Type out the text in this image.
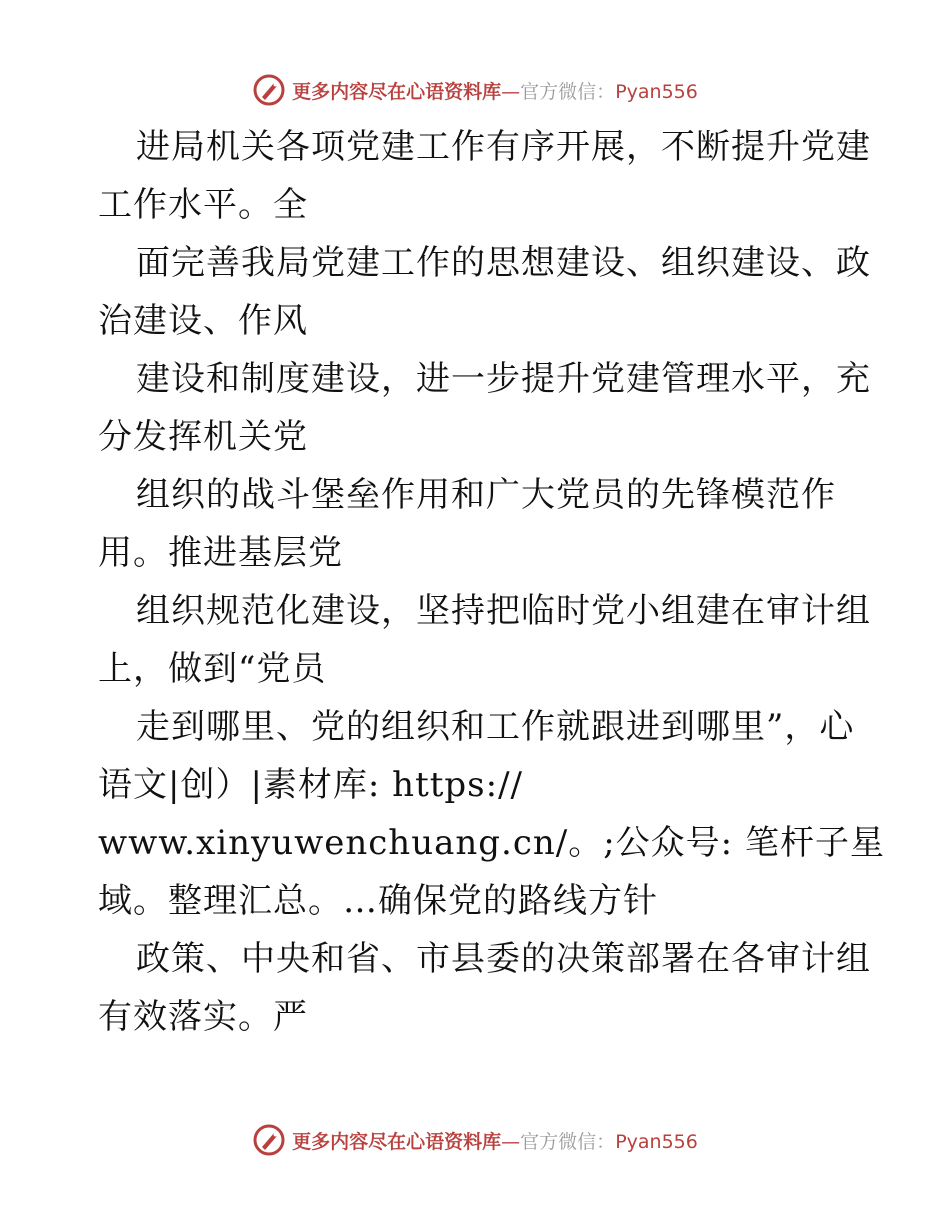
更多内容尽在心语资料库—官方微信：Pyan556
进局机关各项党建工作有序开展，不断提升党建
工作水平。全
面完善我局党建工作的思想建设、组织建设、政
治建设、作风
建设和制度建设，进一步提升党建管理水平，充
分发挥机关党
组织的战斗堡垒作用和广大党员的先锋模范作
用。推进基层党
组织规范化建设，坚持把临时党小组建在审计组
上，做到“党员
走到哪里、党的组织和工作就跟进到哪里”，心
语文|创）|素材库: https://
www.xinyuwenchuang.cn/。;公众号: 笔杆子星
域。整理汇总。…确保党的路线方针
政策、中央和省、市县委的决策部署在各审计组
有效落实。严
更多内容尽在心语资料库—官方微信：Pyan556
